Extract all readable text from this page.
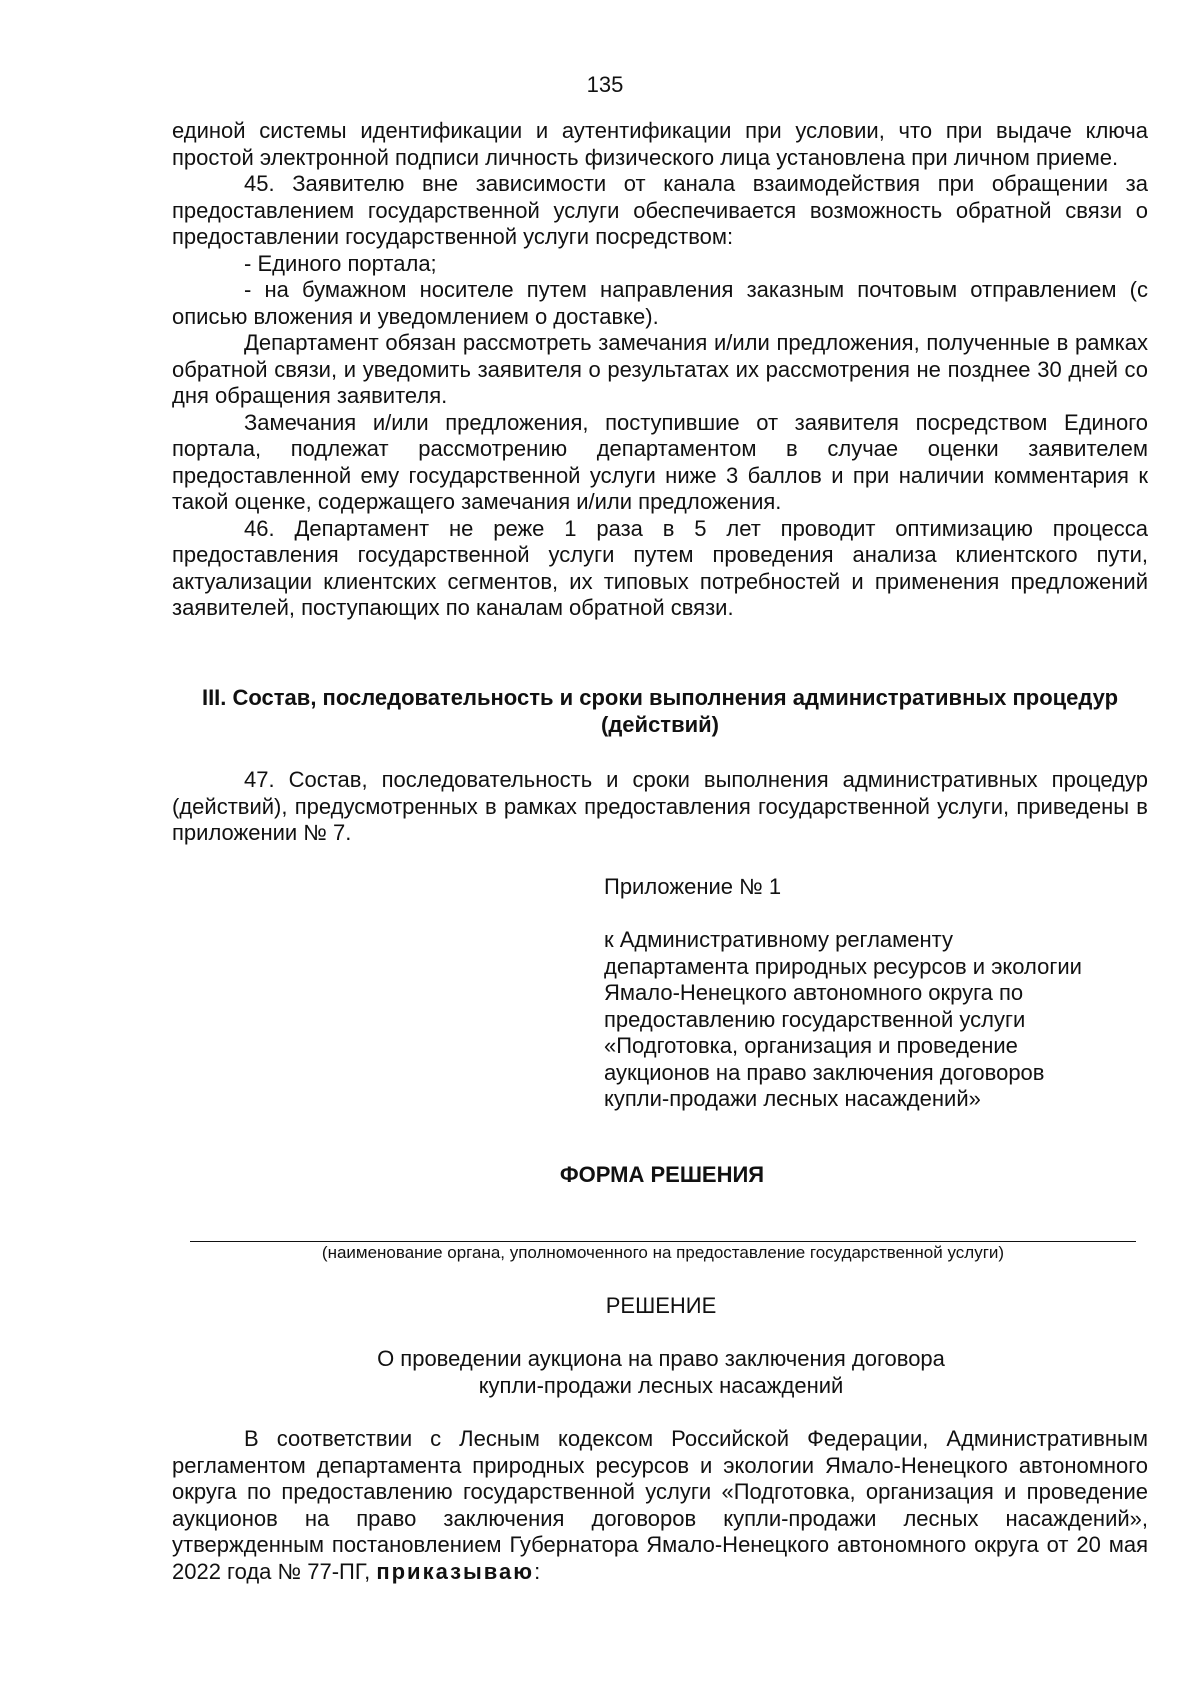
135

единой системы идентификации и аутентификации при условии, что при выдаче ключа простой электронной подписи личность физического лица установлена при личном приеме.

45. Заявителю вне зависимости от канала взаимодействия при обращении за предоставлением государственной услуги обеспечивается возможность обратной связи о предоставлении государственной услуги посредством:

- Единого портала;

- на бумажном носителе путем направления заказным почтовым отправлением (с описью вложения и уведомлением о доставке).

Департамент обязан рассмотреть замечания и/или предложения, полученные в рамках обратной связи, и уведомить заявителя о результатах их рассмотрения не позднее 30 дней со дня обращения заявителя.

Замечания и/или предложения, поступившие от заявителя посредством Единого портала, подлежат рассмотрению департаментом в случае оценки заявителем предоставленной ему государственной услуги ниже 3 баллов и при наличии комментария к такой оценке, содержащего замечания и/или предложения.

46. Департамент не реже 1 раза в 5 лет проводит оптимизацию процесса предоставления государственной услуги путем проведения анализа клиентского пути, актуализации клиентских сегментов, их типовых потребностей и применения предложений заявителей, поступающих по каналам обратной связи.

III. Состав, последовательность и сроки выполнения административных процедур (действий)

47. Состав, последовательность и сроки выполнения административных процедур (действий), предусмотренных в рамках предоставления государственной услуги, приведены в приложении № 7.

Приложение № 1

к Административному регламенту
департамента природных ресурсов и экологии
Ямало-Ненецкого автономного округа по
предоставлению государственной услуги
«Подготовка, организация и проведение
аукционов на право заключения договоров
купли-продажи лесных насаждений»

ФОРМА РЕШЕНИЯ
(наименование органа, уполномоченного на предоставление государственной услуги)
РЕШЕНИЕ
О проведении аукциона на право заключения договора
купли-продажи лесных насаждений

В соответствии с Лесным кодексом Российской Федерации, Административным регламентом департамента природных ресурсов и экологии Ямало-Ненецкого автономного округа по предоставлению государственной услуги «Подготовка, организация и проведение аукционов на право заключения договоров купли-продажи лесных насаждений», утвержденным постановлением Губернатора Ямало-Ненецкого автономного округа от 20 мая 2022 года № 77-ПГ, приказываю:
